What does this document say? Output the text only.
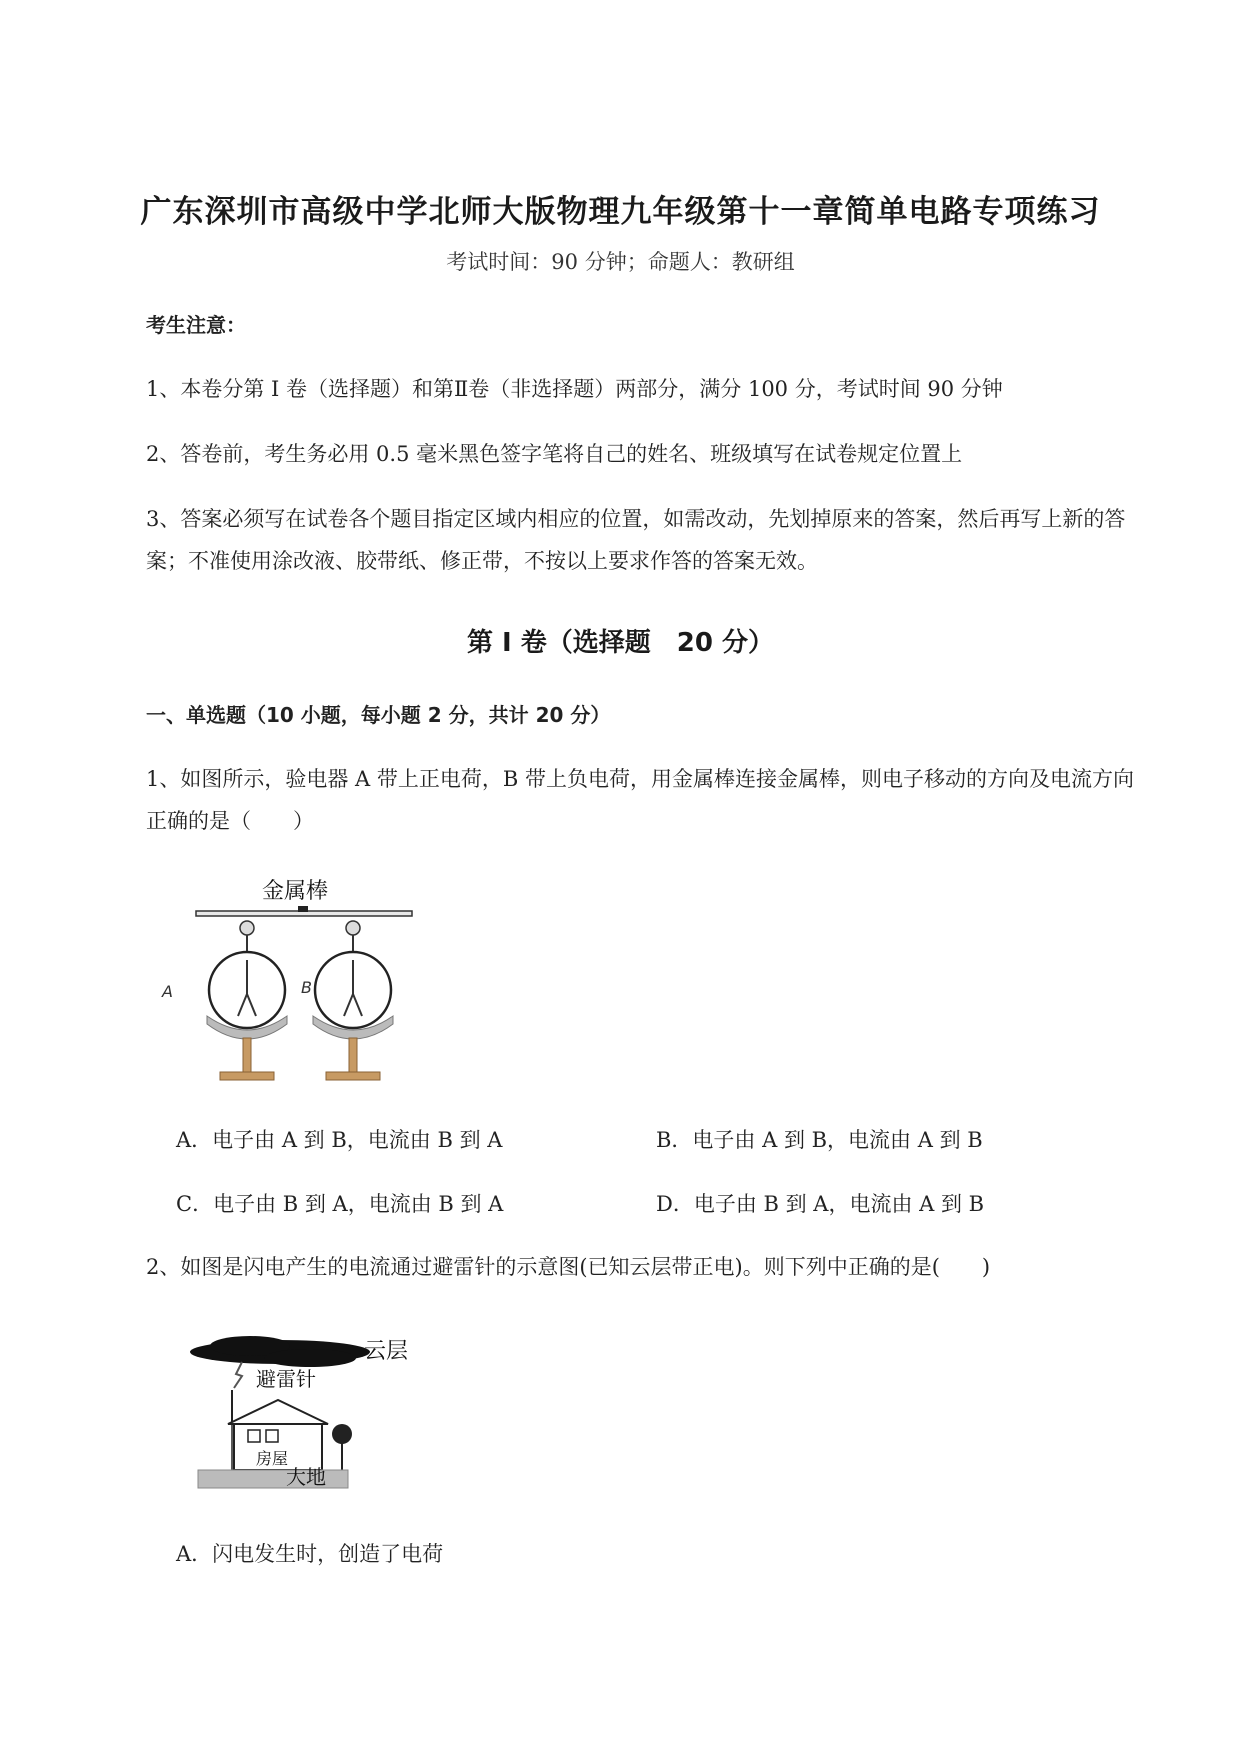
广东深圳市高级中学北师大版物理九年级第十一章简单电路专项练习
考试时间：90 分钟；命题人：教研组
考生注意：
1、本卷分第 I 卷（选择题）和第Ⅱ卷（非选择题）两部分，满分 100 分，考试时间 90 分钟
2、答卷前，考生务必用 0.5 毫米黑色签字笔将自己的姓名、班级填写在试卷规定位置上
3、答案必须写在试卷各个题目指定区域内相应的位置，如需改动，先划掉原来的答案，然后再写上新的答案；不准使用涂改液、胶带纸、修正带，不按以上要求作答的答案无效。
第 I 卷（选择题　20 分）
一、单选题（10 小题，每小题 2 分，共计 20 分）
1、如图所示，验电器 A 带上正电荷，B 带上负电荷，用金属棒连接金属棒，则电子移动的方向及电流方向正确的是（　　）
金属棒
A	B
A．电子由 A 到 B，电流由 B 到 A	B．电子由 A 到 B，电流由 A 到 B
C．电子由 B 到 A，电流由 B 到 A	D．电子由 B 到 A，电流由 A 到 B
2、如图是闪电产生的电流通过避雷针的示意图(已知云层带正电)。则下列中正确的是(　　)
云层
避雷针
房屋
大地
A．闪电发生时，创造了电荷
